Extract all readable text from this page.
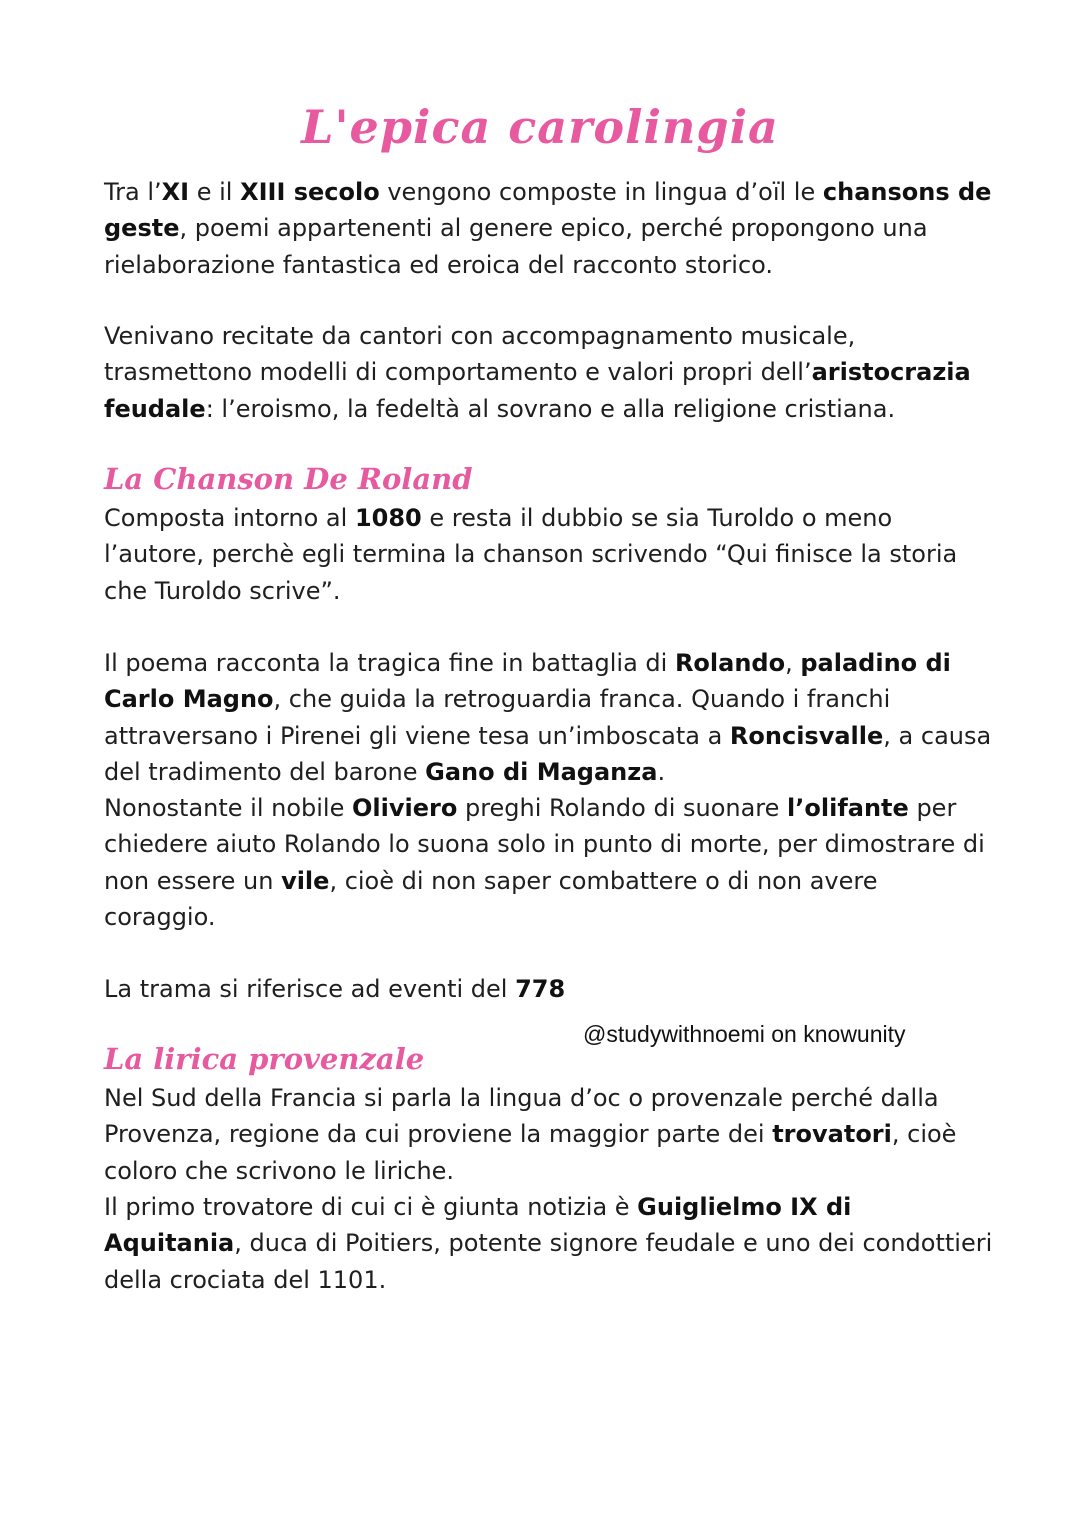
L'epica carolingia

Tra l’XI e il XIII secolo vengono composte in lingua d’oïl le chansons de geste, poemi appartenenti al genere epico, perché propongono una rielaborazione fantastica ed eroica del racconto storico.

Venivano recitate da cantori con accompagnamento musicale, trasmettono modelli di comportamento e valori propri dell’aristocrazia feudale: l’eroismo, la fedeltà al sovrano e alla religione cristiana.

La Chanson De Roland

Composta intorno al 1080 e resta il dubbio se sia Turoldo o meno l’autore, perchè egli termina la chanson scrivendo “Qui finisce la storia che Turoldo scrive”.

Il poema racconta la tragica fine in battaglia di Rolando, paladino di Carlo Magno, che guida la retroguardia franca. Quando i franchi attraversano i Pirenei gli viene tesa un’imboscata a Roncisvalle, a causa del tradimento del barone Gano di Maganza.

Nonostante il nobile Oliviero preghi Rolando di suonare l’olifante per chiedere aiuto Rolando lo suona solo in punto di morte, per dimostrare di non essere un vile, cioè di non saper combattere o di non avere coraggio.

La trama si riferisce ad eventi del 778

@studywithnoemi on knowunity
La lirica provenzale

Nel Sud della Francia si parla la lingua d’oc o provenzale perché dalla Provenza, regione da cui proviene la maggior parte dei trovatori, cioè coloro che scrivono le liriche.

Il primo trovatore di cui ci è giunta notizia è Guiglielmo IX di Aquitania, duca di Poitiers, potente signore feudale e uno dei condottieri della crociata del 1101.
